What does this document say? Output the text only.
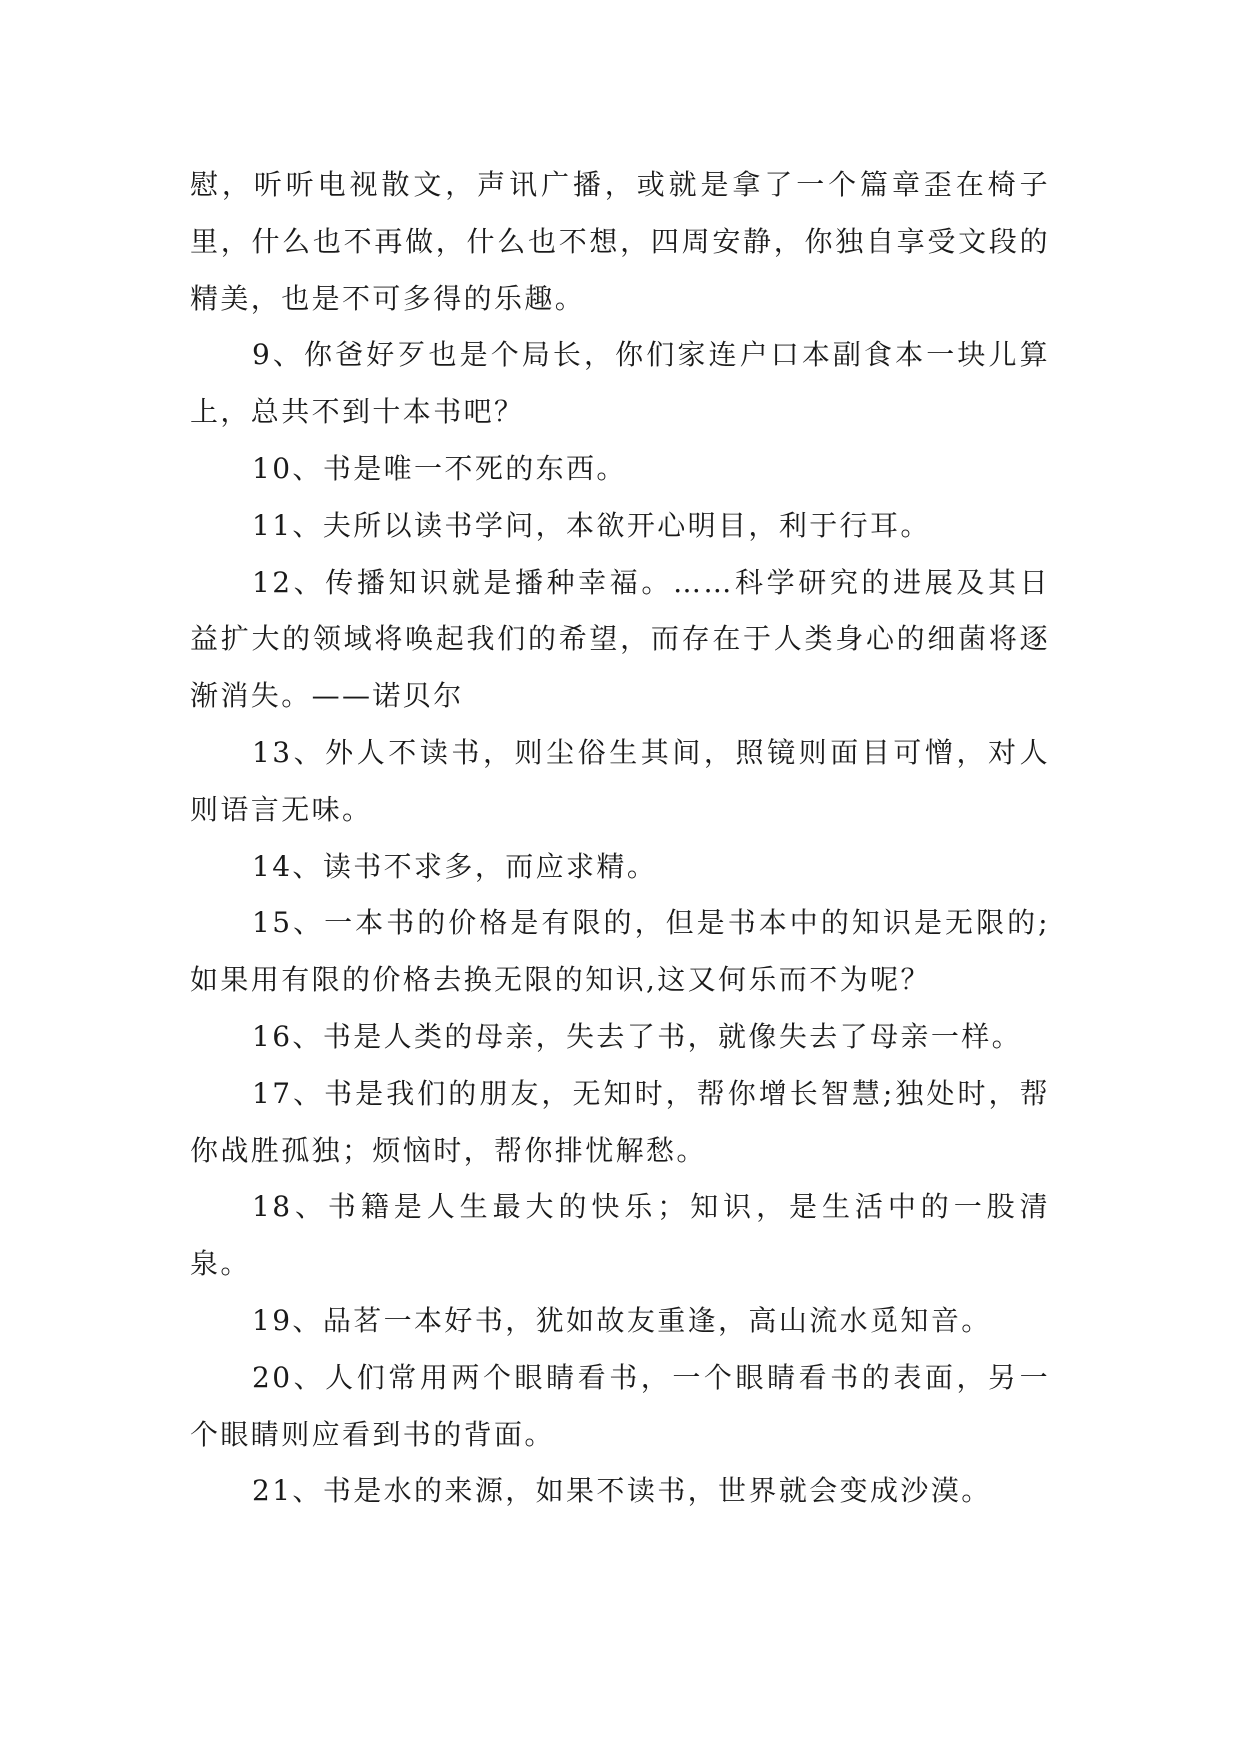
慰，听听电视散文，声讯广播，或就是拿了一个篇章歪在椅子里，什么也不再做，什么也不想，四周安静，你独自享受文段的精美，也是不可多得的乐趣。

9、你爸好歹也是个局长，你们家连户口本副食本一块儿算上，总共不到十本书吧？

10、书是唯一不死的东西。

11、夫所以读书学问，本欲开心明目，利于行耳。

12、传播知识就是播种幸福。……科学研究的进展及其日益扩大的领域将唤起我们的希望，而存在于人类身心的细菌将逐渐消失。——诺贝尔

13、外人不读书，则尘俗生其间，照镜则面目可憎，对人则语言无味。

14、读书不求多，而应求精。

15、一本书的价格是有限的，但是书本中的知识是无限的;如果用有限的价格去换无限的知识,这又何乐而不为呢？

16、书是人类的母亲，失去了书，就像失去了母亲一样。

17、书是我们的朋友，无知时，帮你增长智慧;独处时，帮你战胜孤独；烦恼时，帮你排忧解愁。

18、书籍是人生最大的快乐；知识，是生活中的一股清泉。

19、品茗一本好书，犹如故友重逢，高山流水觅知音。

20、人们常用两个眼睛看书，一个眼睛看书的表面，另一个眼睛则应看到书的背面。

21、书是水的来源，如果不读书，世界就会变成沙漠。
